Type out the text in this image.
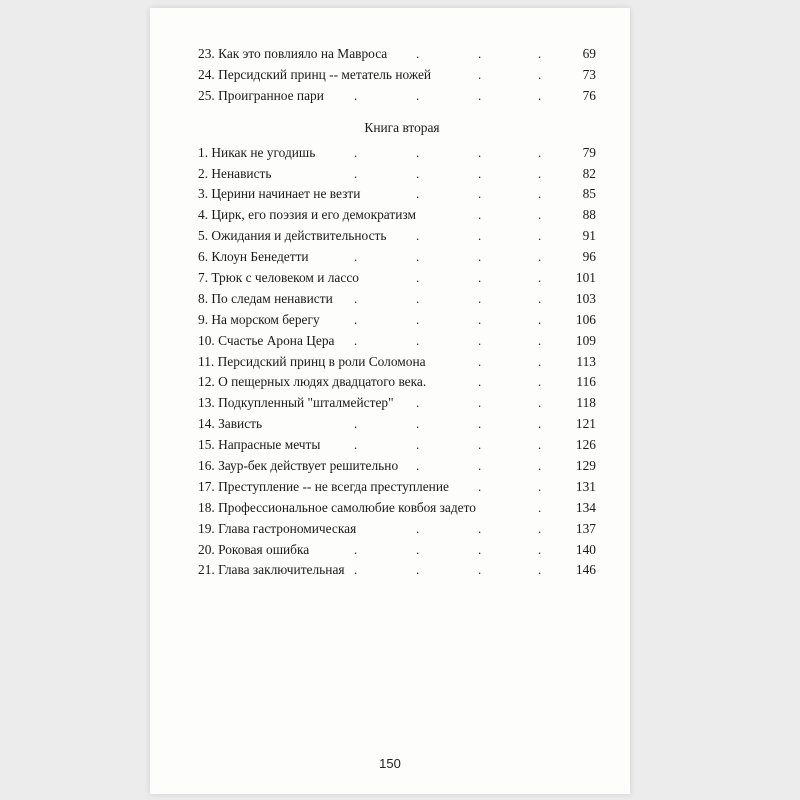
23. Как это повлияло на Мавроса	69
.	.	.
24. Персидский принц -- метатель ножей	73
.	.
25. Проигранное пари	76
.	.	.	.
Книга вторая
1. Никак не угодишь	79
.	.	.	.
2. Ненависть	82
.	.	.	.
3. Церини начинает не везти	85
.	.	.
4. Цирк, его поэзия и его демократизм	88
.	.
5. Ожидания и действительность	91
.	.	.
6. Клоун Бенедетти	96
.	.	.	.
7. Трюк с человеком и лассо	101
.	.	.
8. По следам ненависти	103
.	.	.	.
9. На морском берегу	106
.	.	.	.
10. Счастье Арона Цера	109
.	.	.	.
11. Персидский принц в роли Соломона	113
.	.
12. О пещерных людях двадцатого века.	116
.	.
13. Подкупленный "шталмейстер"	118
.	.	.
14. Зависть	121
.	.	.	.
15. Напрасные мечты	126
.	.	.	.
16. Заур-бек действует решительно	129
.	.	.
17. Преступление -- не всегда преступление	131
.	.
18. Профессиональное самолюбие ковбоя задето	134
.
19. Глава гастрономическая	137
.	.	.
20. Роковая ошибка	140
.	.	.	.
21. Глава заключительная	146
.	.	.	.
150
